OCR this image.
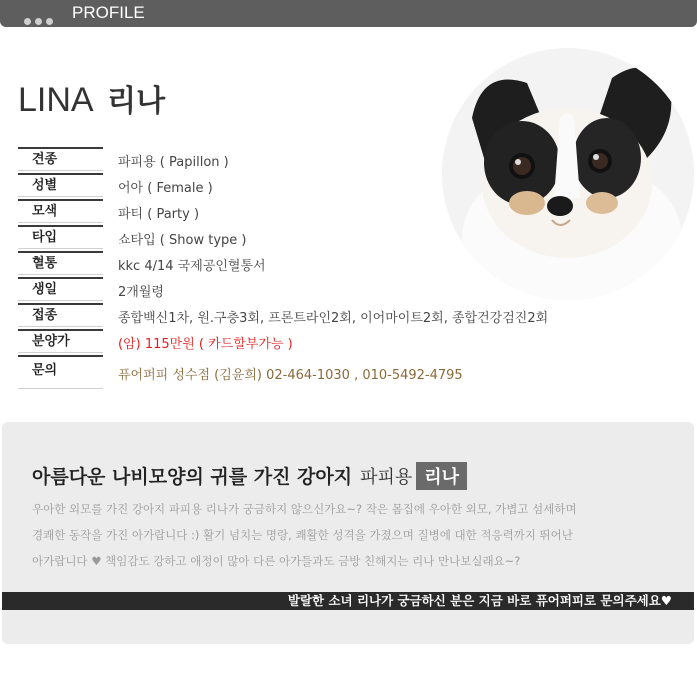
PROFILE
LINA 리나
견종	파피용 ( Papillon )
성별	어아 ( Female )
모색	파티 ( Party )
타입	쇼타입 ( Show type )
혈통	kkc 4/14 국제공인혈통서
생일	2개월령
접종	종합백신1차, 원.구충3회, 프론트라인2회, 이어마이트2회, 종합건강검진2회
분양가	(암) 115만원 ( 카드할부가능 )
문의	퓨어퍼피 성수점 (김윤희) 02-464-1030 , 010-5492-4795
아름다운 나비모양의 귀를 가진 강아지 파피용 리나
우아한 외모를 가진 강아지 파피용 리나가 궁금하지 않으신가요~? 작은 몸집에 우아한 외모, 가볍고 섬세하며
경쾌한 동작을 가진 아가랍니다 :) 활기 넘치는 명랑, 쾌활한 성격을 가졌으며 질병에 대한 적응력까지 뛰어난
아가랍니다 ♥ 책임감도 강하고 애정이 많아 다른 아가들과도 금방 친해지는 리나 만나보실래요~?
발랄한 소녀 리나가 궁금하신 분은 지금 바로 퓨어퍼피로 문의주세요♥
